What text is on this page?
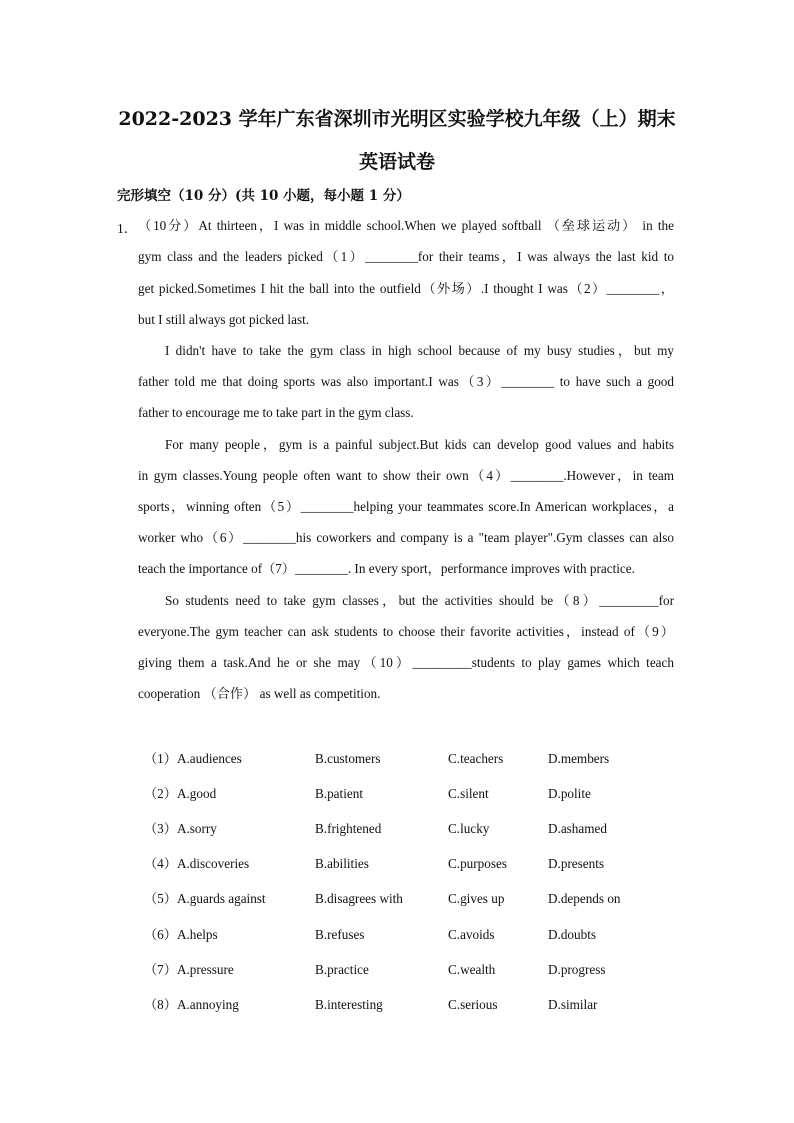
2022-2023 学年广东省深圳市光明区实验学校九年级（上）期末
英语试卷
完形填空（10 分）(共 10 小题，每小题 1 分）
1． （10分）At thirteen，I was in middle school.When we played softball （垒球运动） in the
gym class and the leaders picked（1）________for their teams，I was always the last kid to
get picked.Sometimes I hit the ball into the outfield（外场）.I thought I was（2）________，
but I still always got picked last.
I didn't have to take the gym class in high school because of my busy studies，but my
father told me that doing sports was also important.I was（3）________ to have such a good
father to encourage me to take part in the gym class.
For many people，gym is a painful subject.But kids can develop good values and habits
in gym classes.Young people often want to show their own（4）________.However，in team
sports，winning often（5）________helping your teammates score.In American workplaces，a
worker who（6）________his coworkers and company is a "team player".Gym classes can also
teach the importance of（7）________. In every sport，performance improves with practice.
So students need to take gym classes，but the activities should be（8）_________for
everyone.The gym teacher can ask students to choose their favorite activities，instead of（9）
giving them a task.And he or she may（10）_________students to play games which teach
cooperation （合作） as well as competition.
（1）A.audiences	B.customers	C.teachers	D.members
（2）A.good	B.patient	C.silent	D.polite
（3）A.sorry	B.frightened	C.lucky	D.ashamed
（4）A.discoveries	B.abilities	C.purposes	D.presents
（5）A.guards against	B.disagrees with	C.gives up	D.depends on
（6）A.helps	B.refuses	C.avoids	D.doubts
（7）A.pressure	B.practice	C.wealth	D.progress
（8）A.annoying	B.interesting	C.serious	D.similar
